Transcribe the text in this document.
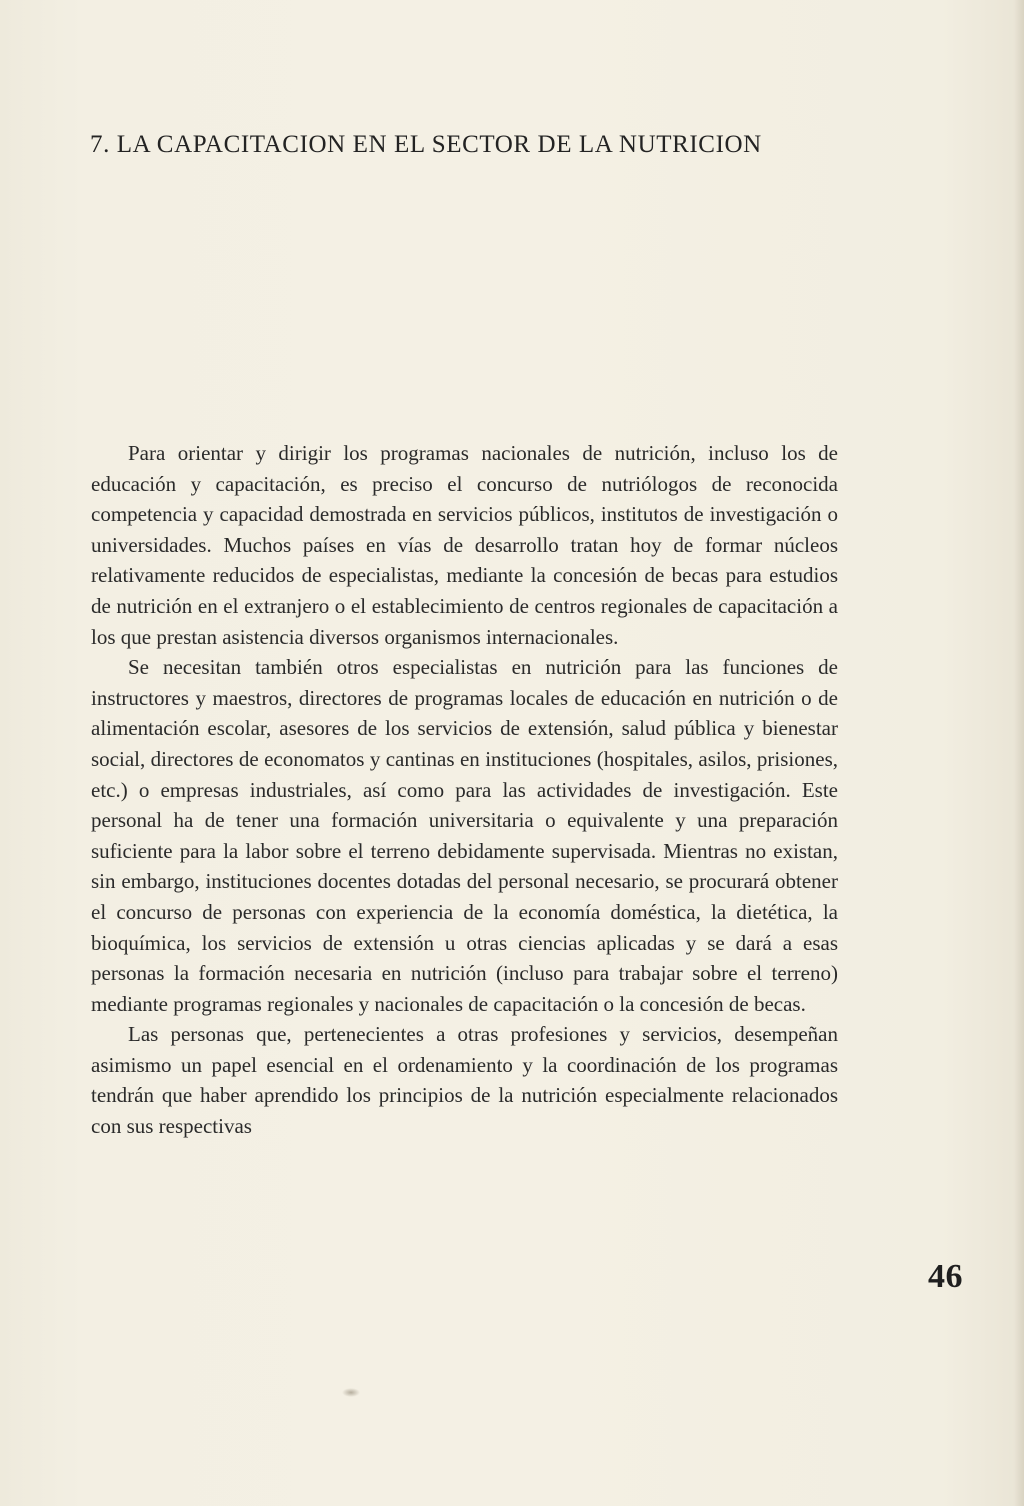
7. LA CAPACITACION EN EL SECTOR DE LA NUTRICION

Para orientar y dirigir los programas nacionales de nutrición, incluso los de educación y capacitación, es preciso el concurso de nutriólogos de reconocida competencia y capacidad demostrada en servicios públicos, institutos de investigación o universidades. Muchos países en vías de desarrollo tratan hoy de formar núcleos relativamente reducidos de especialistas, mediante la concesión de becas para estudios de nutrición en el extranjero o el establecimiento de centros regionales de capacitación a los que prestan asistencia diversos organismos internacionales.

Se necesitan también otros especialistas en nutrición para las funciones de instructores y maestros, directores de programas locales de educación en nutrición o de alimentación escolar, asesores de los servicios de extensión, salud pública y bienestar social, directores de economatos y cantinas en instituciones (hospitales, asilos, prisiones, etc.) o empresas industriales, así como para las actividades de investigación. Este personal ha de tener una formación universitaria o equivalente y una preparación suficiente para la labor sobre el terreno debidamente supervisada. Mientras no existan, sin embargo, instituciones docentes dotadas del personal necesario, se procurará obtener el concurso de personas con experiencia de la economía doméstica, la dietética, la bioquímica, los servicios de extensión u otras ciencias aplicadas y se dará a esas personas la formación necesaria en nutrición (incluso para trabajar sobre el terreno) mediante programas regionales y nacionales de capacitación o la concesión de becas.

Las personas que, pertenecientes a otras profesiones y servicios, desempeñan asimismo un papel esencial en el ordenamiento y la coordinación de los programas tendrán que haber aprendido los principios de la nutrición especialmente relacionados con sus respectivas

46
